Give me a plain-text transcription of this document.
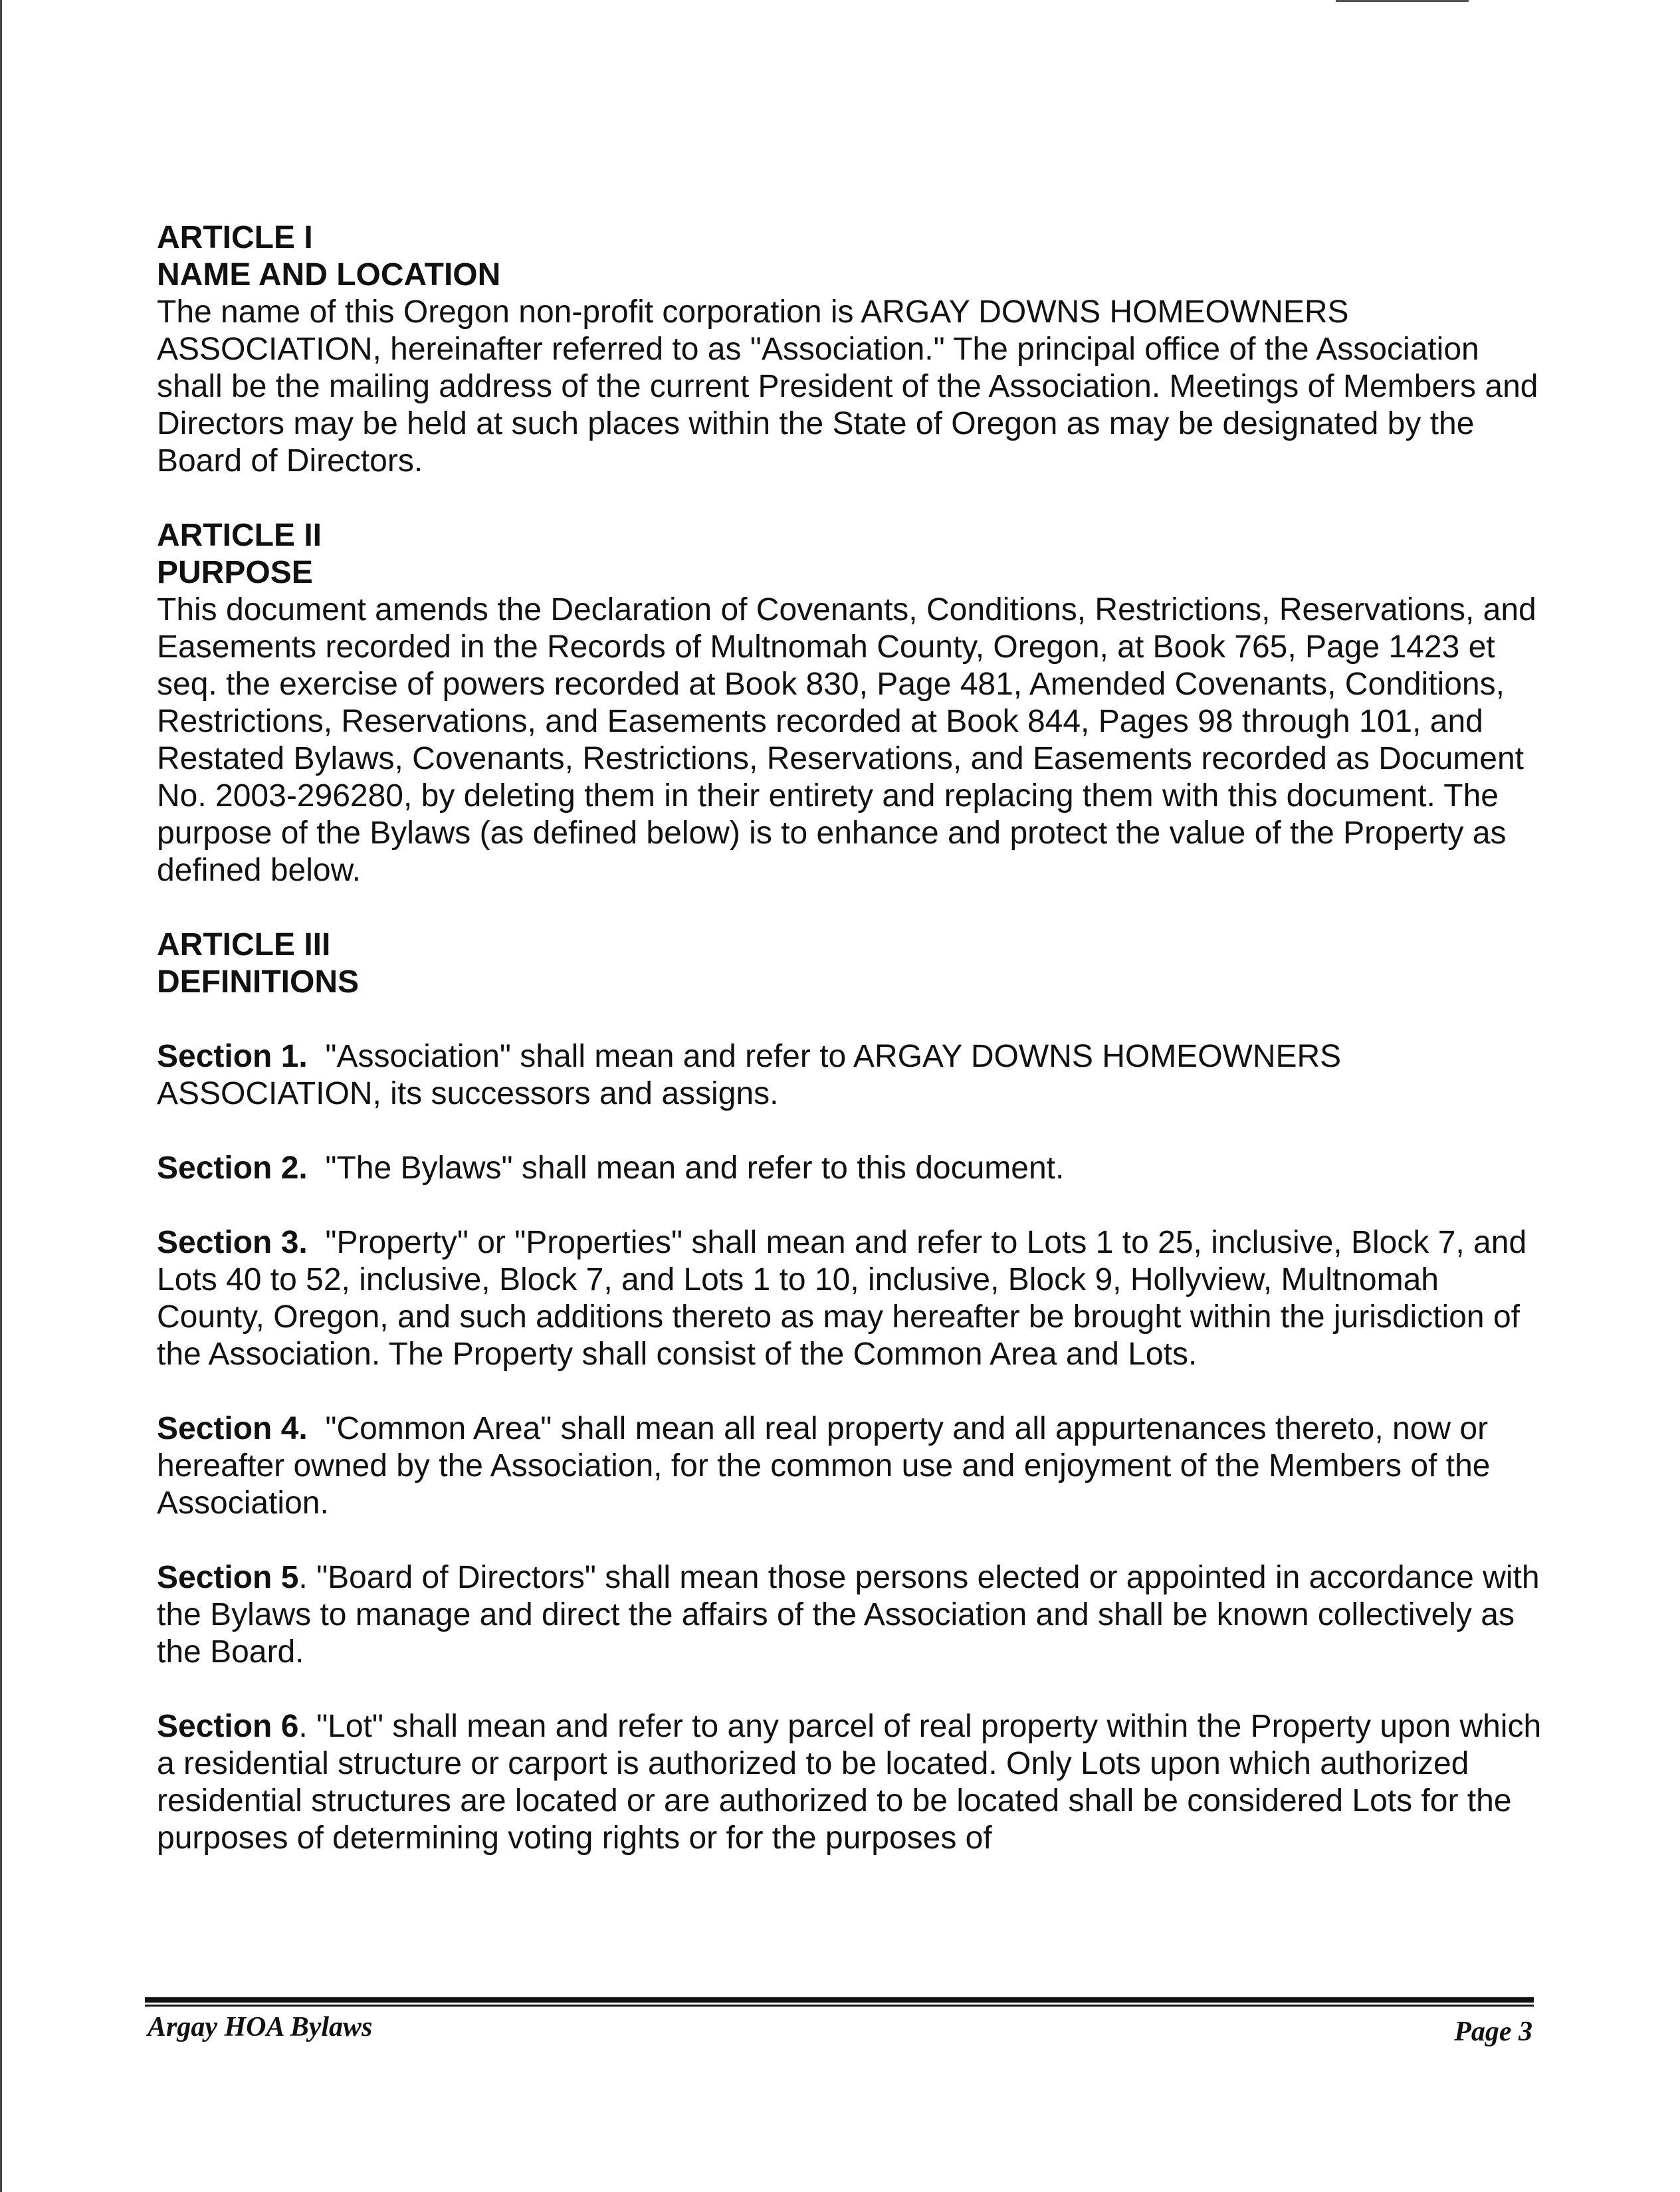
ARTICLE I

NAME AND LOCATION

The name of this Oregon non-profit corporation is ARGAY DOWNS HOMEOWNERS ASSOCIATION, hereinafter referred to as "Association." The principal office of the Association shall be the mailing address of the current President of the Association. Meetings of Members and Directors may be held at such places within the State of Oregon as may be designated by the Board of Directors.

ARTICLE II

PURPOSE

This document amends the Declaration of Covenants, Conditions, Restrictions, Reservations, and Easements recorded in the Records of Multnomah County, Oregon, at Book 765, Page 1423 et seq. the exercise of powers recorded at Book 830, Page 481, Amended Covenants, Conditions, Restrictions, Reservations, and Easements recorded at Book 844, Pages 98 through 101, and Restated Bylaws, Covenants, Restrictions, Reservations, and Easements recorded as Document No. 2003-296280, by deleting them in their entirety and replacing them with this document. The purpose of the Bylaws (as defined below) is to enhance and protect the value of the Property as defined below.

ARTICLE III

DEFINITIONS

Section 1. "Association" shall mean and refer to ARGAY DOWNS HOMEOWNERS ASSOCIATION, its successors and assigns.

Section 2. "The Bylaws" shall mean and refer to this document.

Section 3. "Property" or "Properties" shall mean and refer to Lots 1 to 25, inclusive, Block 7, and Lots 40 to 52, inclusive, Block 7, and Lots 1 to 10, inclusive, Block 9, Hollyview, Multnomah County, Oregon, and such additions thereto as may hereafter be brought within the jurisdiction of the Association. The Property shall consist of the Common Area and Lots.

Section 4. "Common Area" shall mean all real property and all appurtenances thereto, now or hereafter owned by the Association, for the common use and enjoyment of the Members of the Association.

Section 5. "Board of Directors" shall mean those persons elected or appointed in accordance with the Bylaws to manage and direct the affairs of the Association and shall be known collectively as the Board.

Section 6. "Lot" shall mean and refer to any parcel of real property within the Property upon which a residential structure or carport is authorized to be located. Only Lots upon which authorized residential structures are located or are authorized to be located shall be considered Lots for the purposes of determining voting rights or for the purposes of

Argay HOA Bylaws	Page 3
